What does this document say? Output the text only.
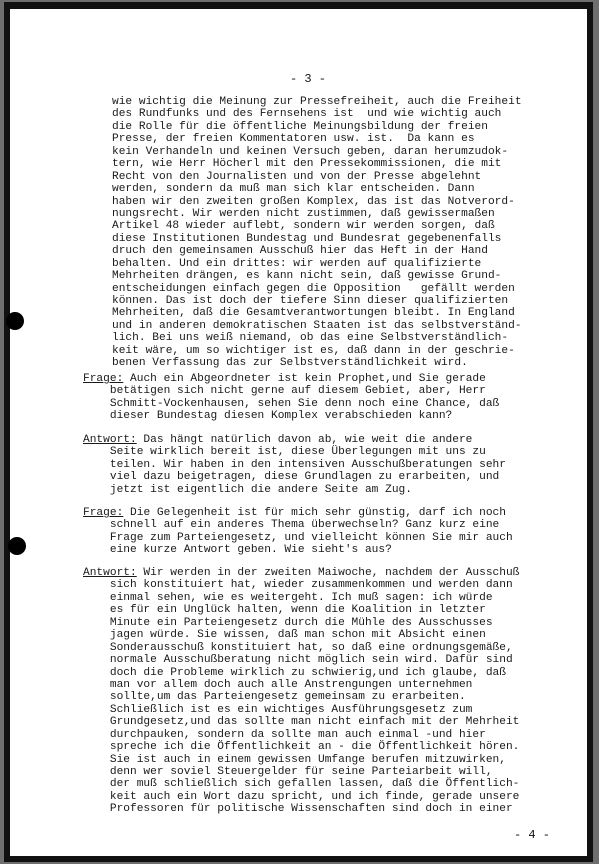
- 3 -
wie wichtig die Meinung zur Pressefreiheit, auch die Freiheit
des Rundfunks und des Fernsehens ist  und wie wichtig auch
die Rolle für die öffentliche Meinungsbildung der freien
Presse, der freien Kommentatoren usw. ist.  Da kann es
kein Verhandeln und keinen Versuch geben, daran herumzudok-
tern, wie Herr Höcherl mit den Pressekommissionen, die mit
Recht von den Journalisten und von der Presse abgelehnt
werden, sondern da muß man sich klar entscheiden. Dann
haben wir den zweiten großen Komplex, das ist das Notverord-
nungsrecht. Wir werden nicht zustimmen, daß gewissermaßen
Artikel 48 wieder auflebt, sondern wir werden sorgen, daß
diese Institutionen Bundestag und Bundesrat gegebenenfalls
druch den gemeinsamen Ausschuß hier das Heft in der Hand
behalten. Und ein drittes: wir werden auf qualifizierte
Mehrheiten drängen, es kann nicht sein, daß gewisse Grund-
entscheidungen einfach gegen die Opposition   gefällt werden
können. Das ist doch der tiefere Sinn dieser qualifizierten
Mehrheiten, daß die Gesamtverantwortungen bleibt. In England
und in anderen demokratischen Staaten ist das selbstverständ-
lich. Bei uns weiß niemand, ob das eine Selbstverständlich-
keit wäre, um so wichtiger ist es, daß dann in der geschrie-
benen Verfassung das zur Selbstverständlichkeit wird.
Frage: Auch ein Abgeordneter ist kein Prophet,und Sie gerade
betätigen sich nicht gerne auf diesem Gebiet, aber, Herr
Schmitt-Vockenhausen, sehen Sie denn noch eine Chance, daß
dieser Bundestag diesen Komplex verabschieden kann?
Antwort: Das hängt natürlich davon ab, wie weit die andere
Seite wirklich bereit ist, diese Überlegungen mit uns zu
teilen. Wir haben in den intensiven Ausschußberatungen sehr
viel dazu beigetragen, diese Grundlagen zu erarbeiten, und
jetzt ist eigentlich die andere Seite am Zug.
Frage: Die Gelegenheit ist für mich sehr günstig, darf ich noch
schnell auf ein anderes Thema überwechseln? Ganz kurz eine
Frage zum Parteiengesetz, und vielleicht können Sie mir auch
eine kurze Antwort geben. Wie sieht's aus?
Antwort: Wir werden in der zweiten Maiwoche, nachdem der Ausschuß
sich konstituiert hat, wieder zusammenkommen und werden dann
einmal sehen, wie es weitergeht. Ich muß sagen: ich würde
es für ein Unglück halten, wenn die Koalition in letzter
Minute ein Parteiengesetz durch die Mühle des Ausschusses
jagen würde. Sie wissen, daß man schon mit Absicht einen
Sonderausschuß konstituiert hat, so daß eine ordnungsgemäße,
normale Ausschußberatung nicht möglich sein wird. Dafür sind
doch die Probleme wirklich zu schwierig,und ich glaube, daß
man vor allem doch auch alle Anstrengungen unternehmen
sollte,um das Parteiengesetz gemeinsam zu erarbeiten.
Schließlich ist es ein wichtiges Ausführungsgesetz zum
Grundgesetz,und das sollte man nicht einfach mit der Mehrheit
durchpauken, sondern da sollte man auch einmal -und hier
spreche ich die Öffentlichkeit an - die Öffentlichkeit hören.
Sie ist auch in einem gewissen Umfange berufen mitzuwirken,
denn wer soviel Steuergelder für seine Parteiarbeit will,
der muß schließlich sich gefallen lassen, daß die Öffentlich-
keit auch ein Wort dazu spricht, und ich finde, gerade unsere
Professoren für politische Wissenschaften sind doch in einer
- 4 -
